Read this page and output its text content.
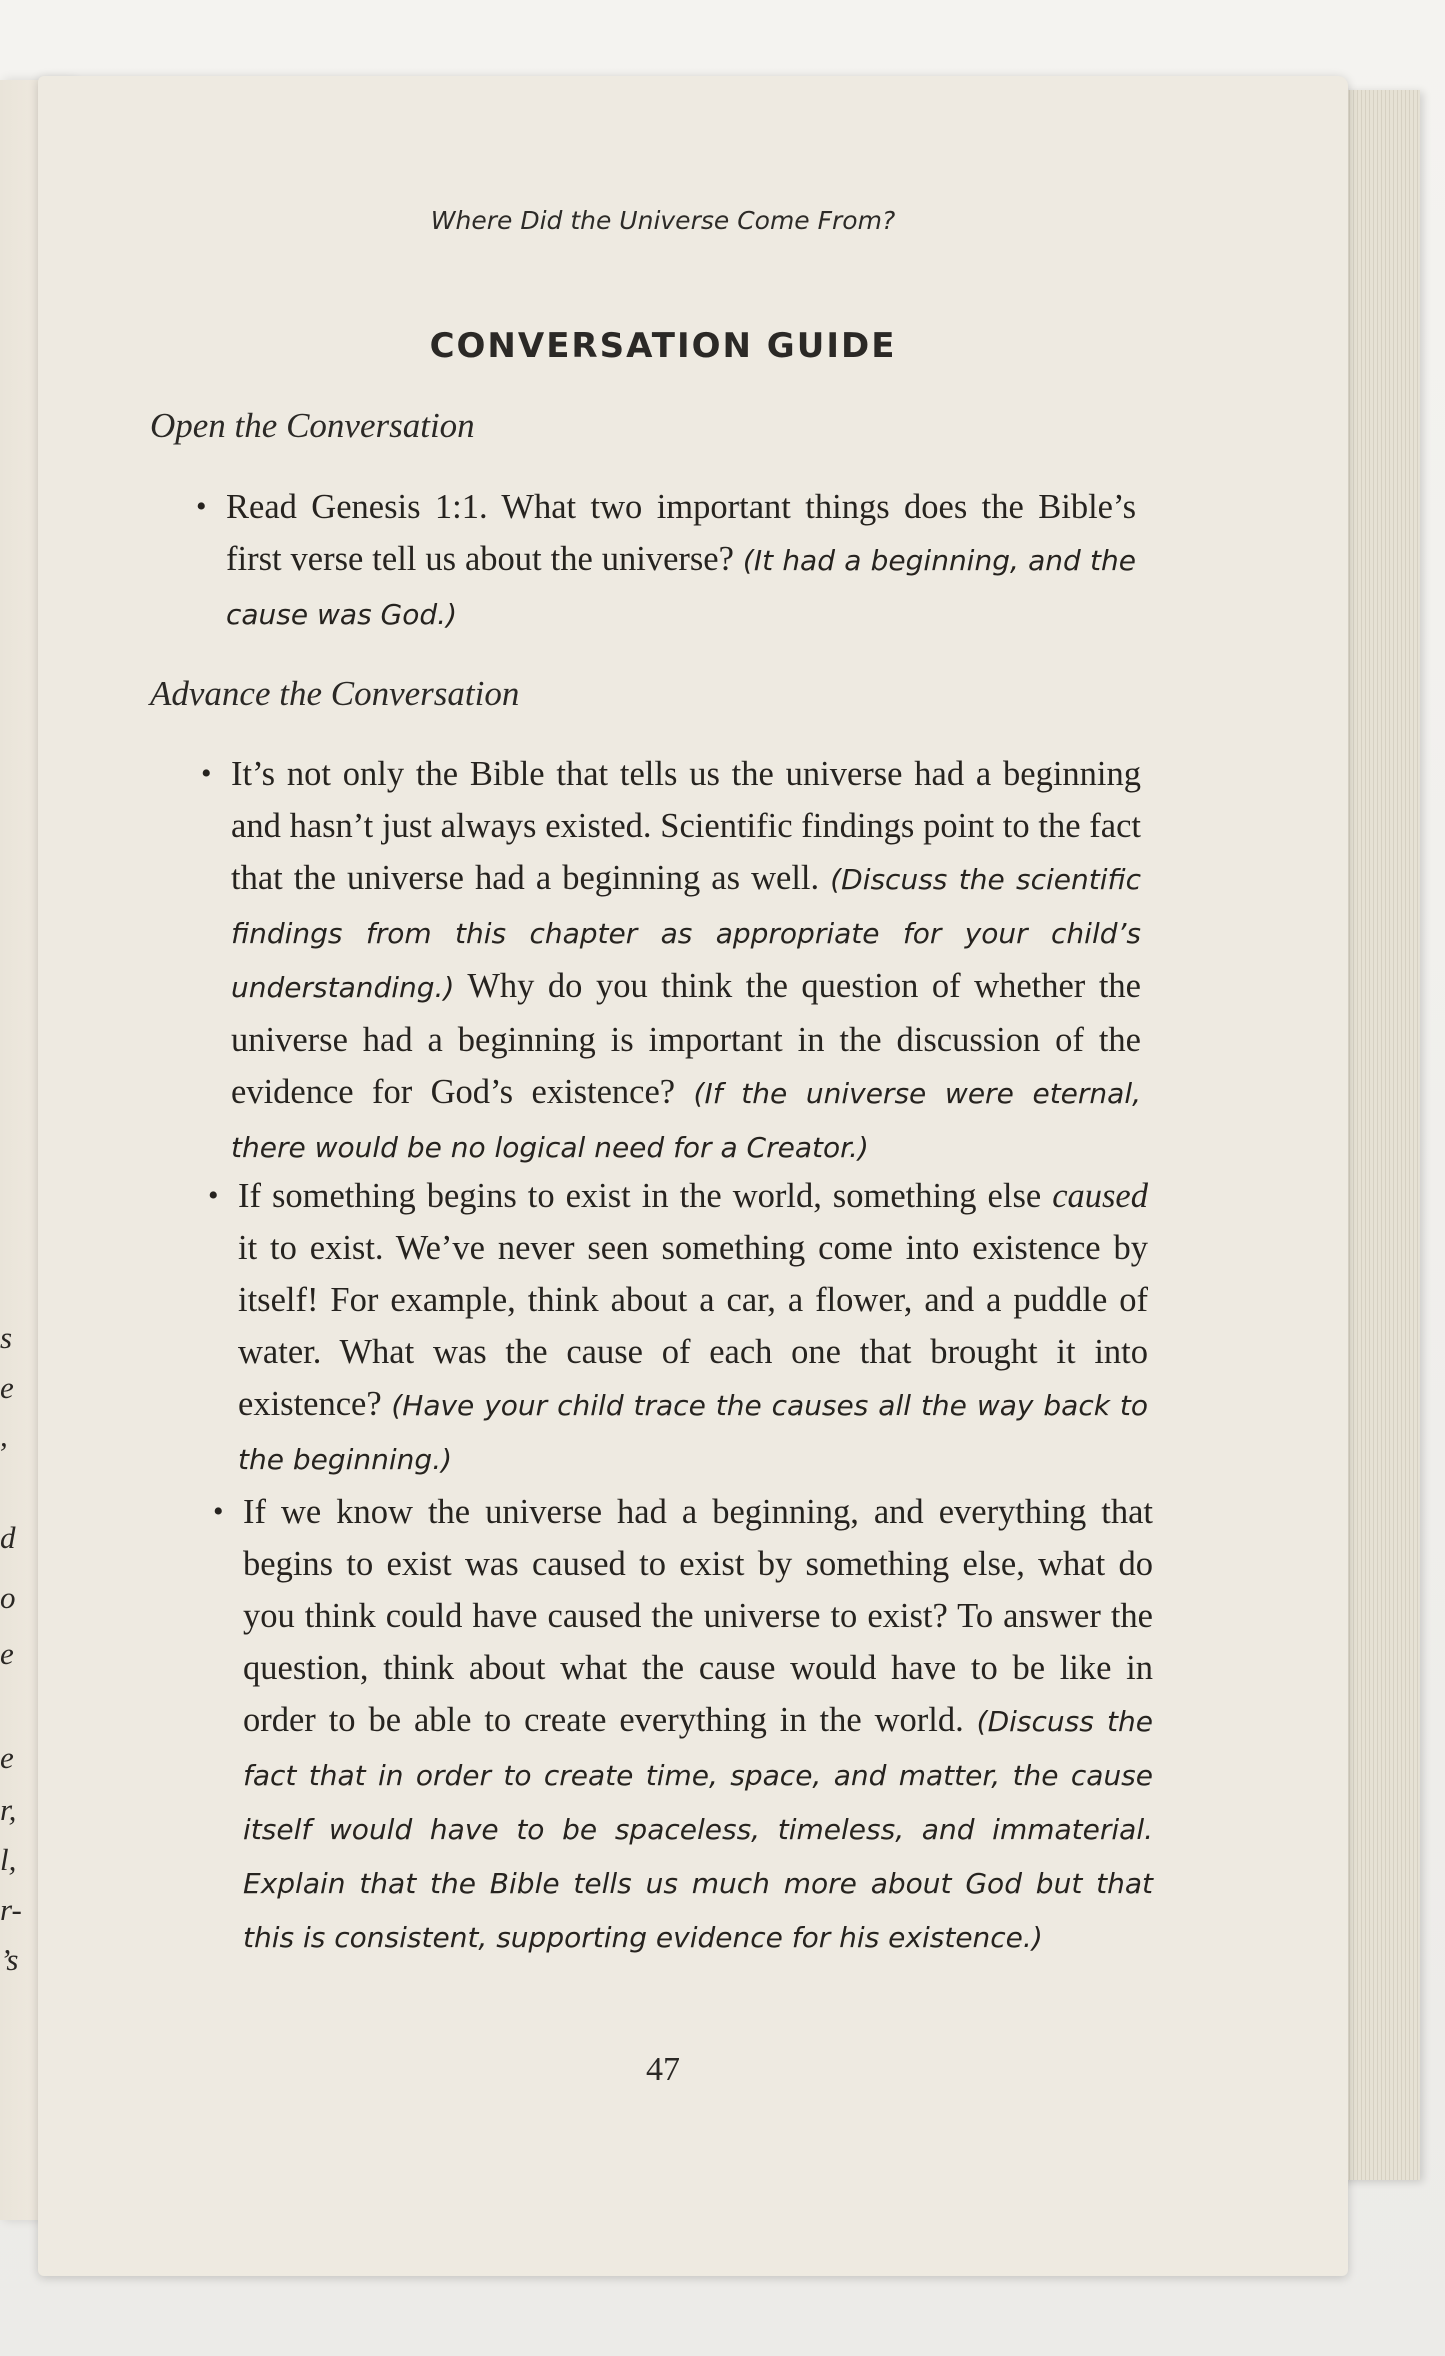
s
e
,
d
o
e
e
r,
l,
r-
’s
Where Did the Universe Come From?
CONVERSATION GUIDE
Open the Conversation
• Read Genesis 1:1. What two important things does the Bible’s first verse tell us about the universe? (It had a beginning, and the cause was God.)
Advance the Conversation
• It’s not only the Bible that tells us the universe had a beginning and hasn’t just always existed. Scientific findings point to the fact that the universe had a beginning as well. (Discuss the scientific findings from this chapter as appropriate for your child’s understanding.) Why do you think the question of whether the universe had a beginning is important in the discussion of the evidence for God’s existence? (If the universe were eternal, there would be no logical need for a Creator.)
• If something begins to exist in the world, something else caused it to exist. We’ve never seen something come into existence by itself! For example, think about a car, a flower, and a puddle of water. What was the cause of each one that brought it into existence? (Have your child trace the causes all the way back to the beginning.)
• If we know the universe had a beginning, and everything that begins to exist was caused to exist by something else, what do you think could have caused the universe to exist? To answer the question, think about what the cause would have to be like in order to be able to create everything in the world. (Discuss the fact that in order to create time, space, and matter, the cause itself would have to be spaceless, timeless, and immaterial. Explain that the Bible tells us much more about God but that this is consistent, supporting evidence for his existence.)
47
